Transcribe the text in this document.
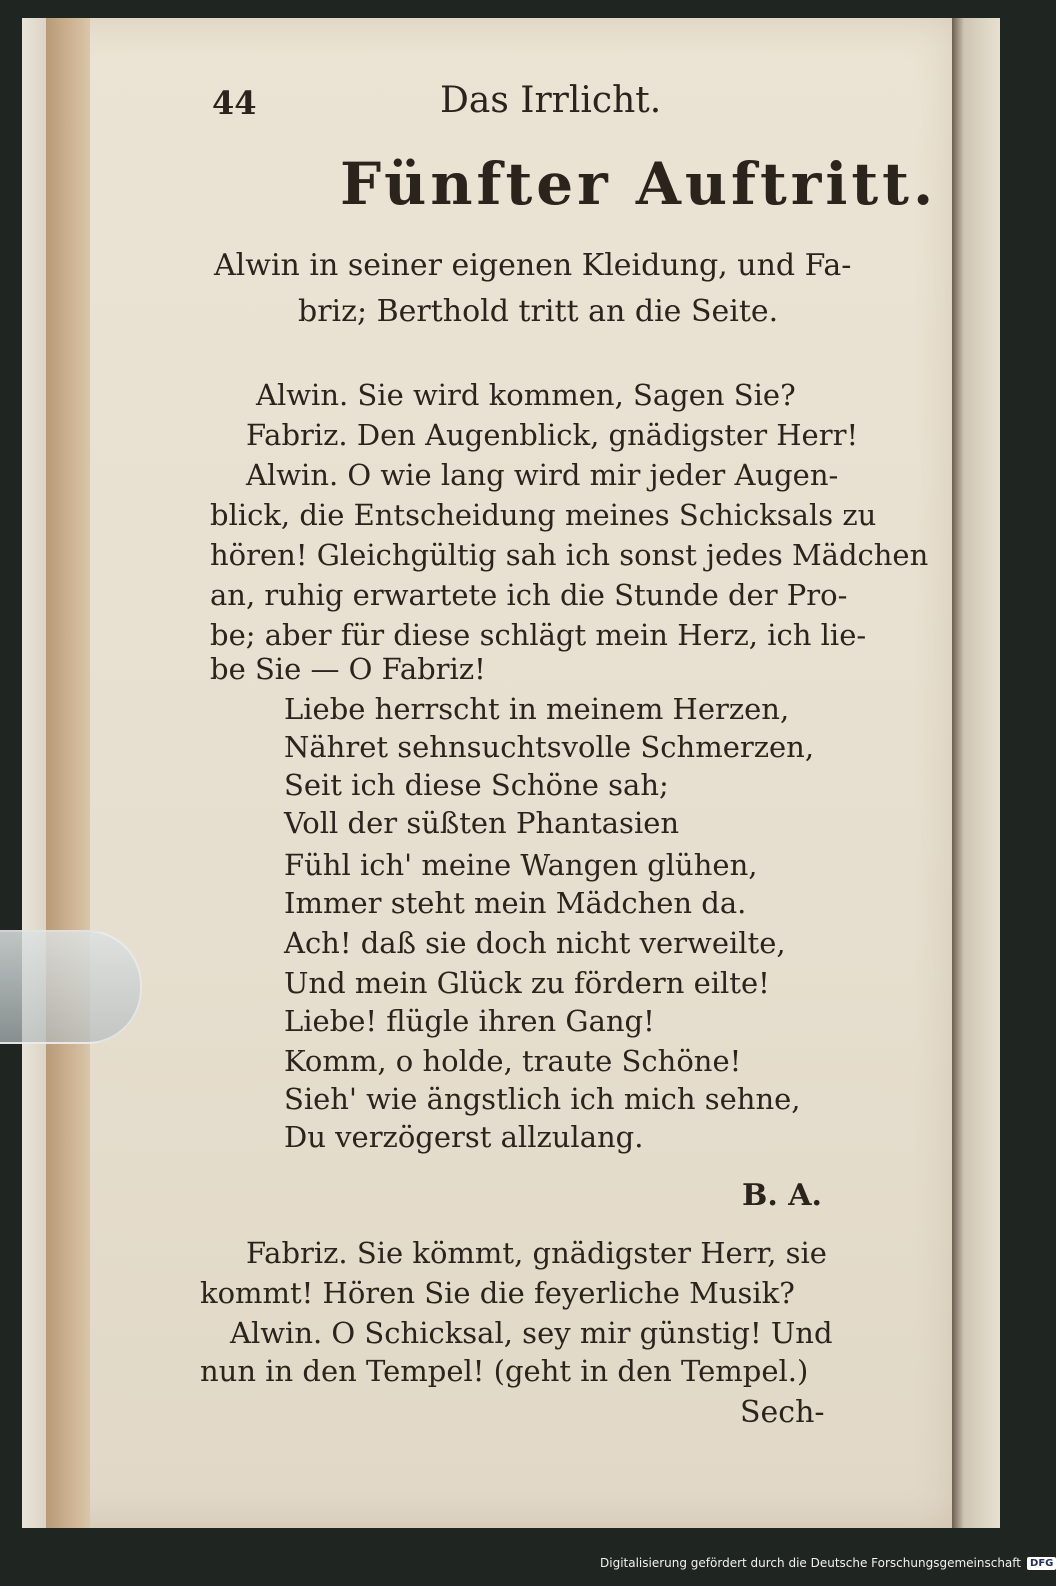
44	Das Irrlicht.
Fünfter Auftritt.
Alwin in seiner eigenen Kleidung, und Fa-
briz; Berthold tritt an die Seite.
Alwin. Sie wird kommen, Sagen Sie?
Fabriz. Den Augenblick, gnädigster Herr!
Alwin. O wie lang wird mir jeder Augen-
blick, die Entscheidung meines Schicksals zu
hören! Gleichgültig sah ich sonst jedes Mädchen
an, ruhig erwartete ich die Stunde der Pro-
be; aber für diese schlägt mein Herz, ich lie-
be Sie — O Fabriz!
Liebe herrscht in meinem Herzen,
Nähret sehnsuchtsvolle Schmerzen,
Seit ich diese Schöne sah;
Voll der süßten Phantasien
Fühl ich' meine Wangen glühen,
Immer steht mein Mädchen da.
Ach! daß sie doch nicht verweilte,
Und mein Glück zu fördern eilte!
Liebe! flügle ihren Gang!
Komm, o holde, traute Schöne!
Sieh' wie ängstlich ich mich sehne,
Du verzögerst allzulang.
B. A.
Fabriz. Sie kömmt, gnädigster Herr, sie
kommt! Hören Sie die feyerliche Musik?
Alwin. O Schicksal, sey mir günstig! Und
nun in den Tempel! (geht in den Tempel.)
Sech-
Digitalisierung gefördert durch die Deutsche Forschungsgemeinschaft DFG
